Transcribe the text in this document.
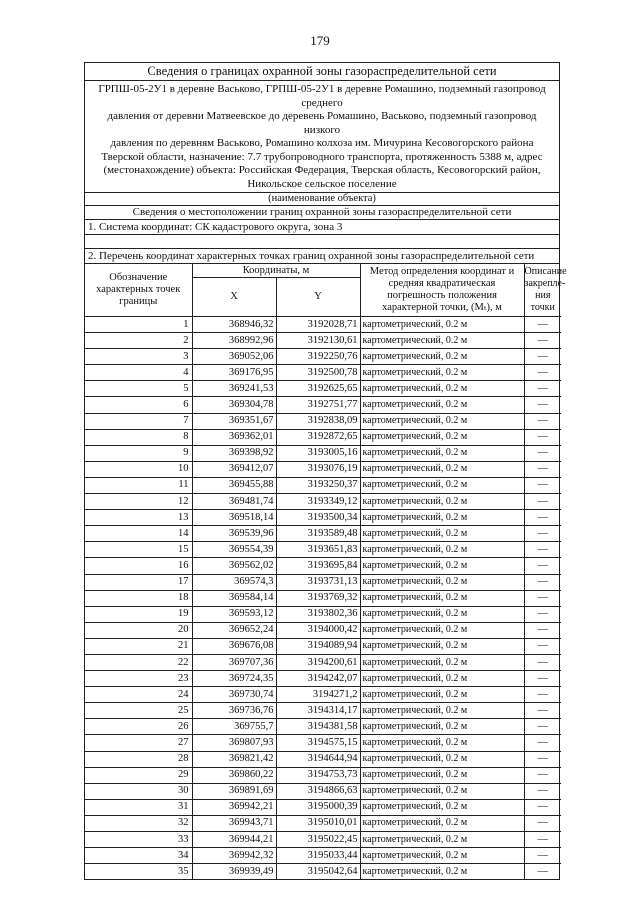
179
Сведения о границах охранной зоны газораспределительной сети
ГРПШ-05-2У1 в деревне Васьково, ГРПШ-05-2У1 в деревне Ромашино, подземный газопровод среднего
давления от деревни Матвеевское до деревень Ромашино, Васьково, подземный газопровод низкого
давления по деревням Васьково, Ромашино колхоза им. Мичурина Кесовогорского района
Тверской области, назначение: 7.7 трубопроводного транспорта, протяженность 5388 м, адрес
(местонахождение) объекта: Российская Федерация, Тверская область, Кесовогорский район,
Никольское сельское поселение
(наименование объекта)
Сведения о местоположении границ охранной зоны газораспределительной сети
1. Система координат: СК кадастрового округа, зона 3
2. Перечень координат характерных точках границ охранной зоны газораспределительной сети
Обозначение характерных точек границы	Координаты, м		Метод определения координат и средняя квадратическая погрешность положения характерной точки, (Mₜ), м	Описание закрепле-ния точки
	X	Y		
1	368946,32	3192028,71	картометрический, 0.2 м	—
2	368992,96	3192130,61	картометрический, 0.2 м	—
3	369052,06	3192250,76	картометрический, 0.2 м	—
4	369176,95	3192500,78	картометрический, 0.2 м	—
5	369241,53	3192625,65	картометрический, 0.2 м	—
6	369304,78	3192751,77	картометрический, 0.2 м	—
7	369351,67	3192838,09	картометрический, 0.2 м	—
8	369362,01	3192872,65	картометрический, 0.2 м	—
9	369398,92	3193005,16	картометрический, 0.2 м	—
10	369412,07	3193076,19	картометрический, 0.2 м	—
11	369455,88	3193250,37	картометрический, 0.2 м	—
12	369481,74	3193349,12	картометрический, 0.2 м	—
13	369518,14	3193500,34	картометрический, 0.2 м	—
14	369539,96	3193589,48	картометрический, 0.2 м	—
15	369554,39	3193651,83	картометрический, 0.2 м	—
16	369562,02	3193695,84	картометрический, 0.2 м	—
17	369574,3	3193731,13	картометрический, 0.2 м	—
18	369584,14	3193769,32	картометрический, 0.2 м	—
19	369593,12	3193802,36	картометрический, 0.2 м	—
20	369652,24	3194000,42	картометрический, 0.2 м	—
21	369676,08	3194089,94	картометрический, 0.2 м	—
22	369707,36	3194200,61	картометрический, 0.2 м	—
23	369724,35	3194242,07	картометрический, 0.2 м	—
24	369730,74	3194271,2	картометрический, 0.2 м	—
25	369736,76	3194314,17	картометрический, 0.2 м	—
26	369755,7	3194381,58	картометрический, 0.2 м	—
27	369807,93	3194575,15	картометрический, 0.2 м	—
28	369821,42	3194644,94	картометрический, 0.2 м	—
29	369860,22	3194753,73	картометрический, 0.2 м	—
30	369891,69	3194866,63	картометрический, 0.2 м	—
31	369942,21	3195000,39	картометрический, 0.2 м	—
32	369943,71	3195010,01	картометрический, 0.2 м	—
33	369944,21	3195022,45	картометрический, 0.2 м	—
34	369942,32	3195033,44	картометрический, 0.2 м	—
35	369939,49	3195042,64	картометрический, 0.2 м	—
